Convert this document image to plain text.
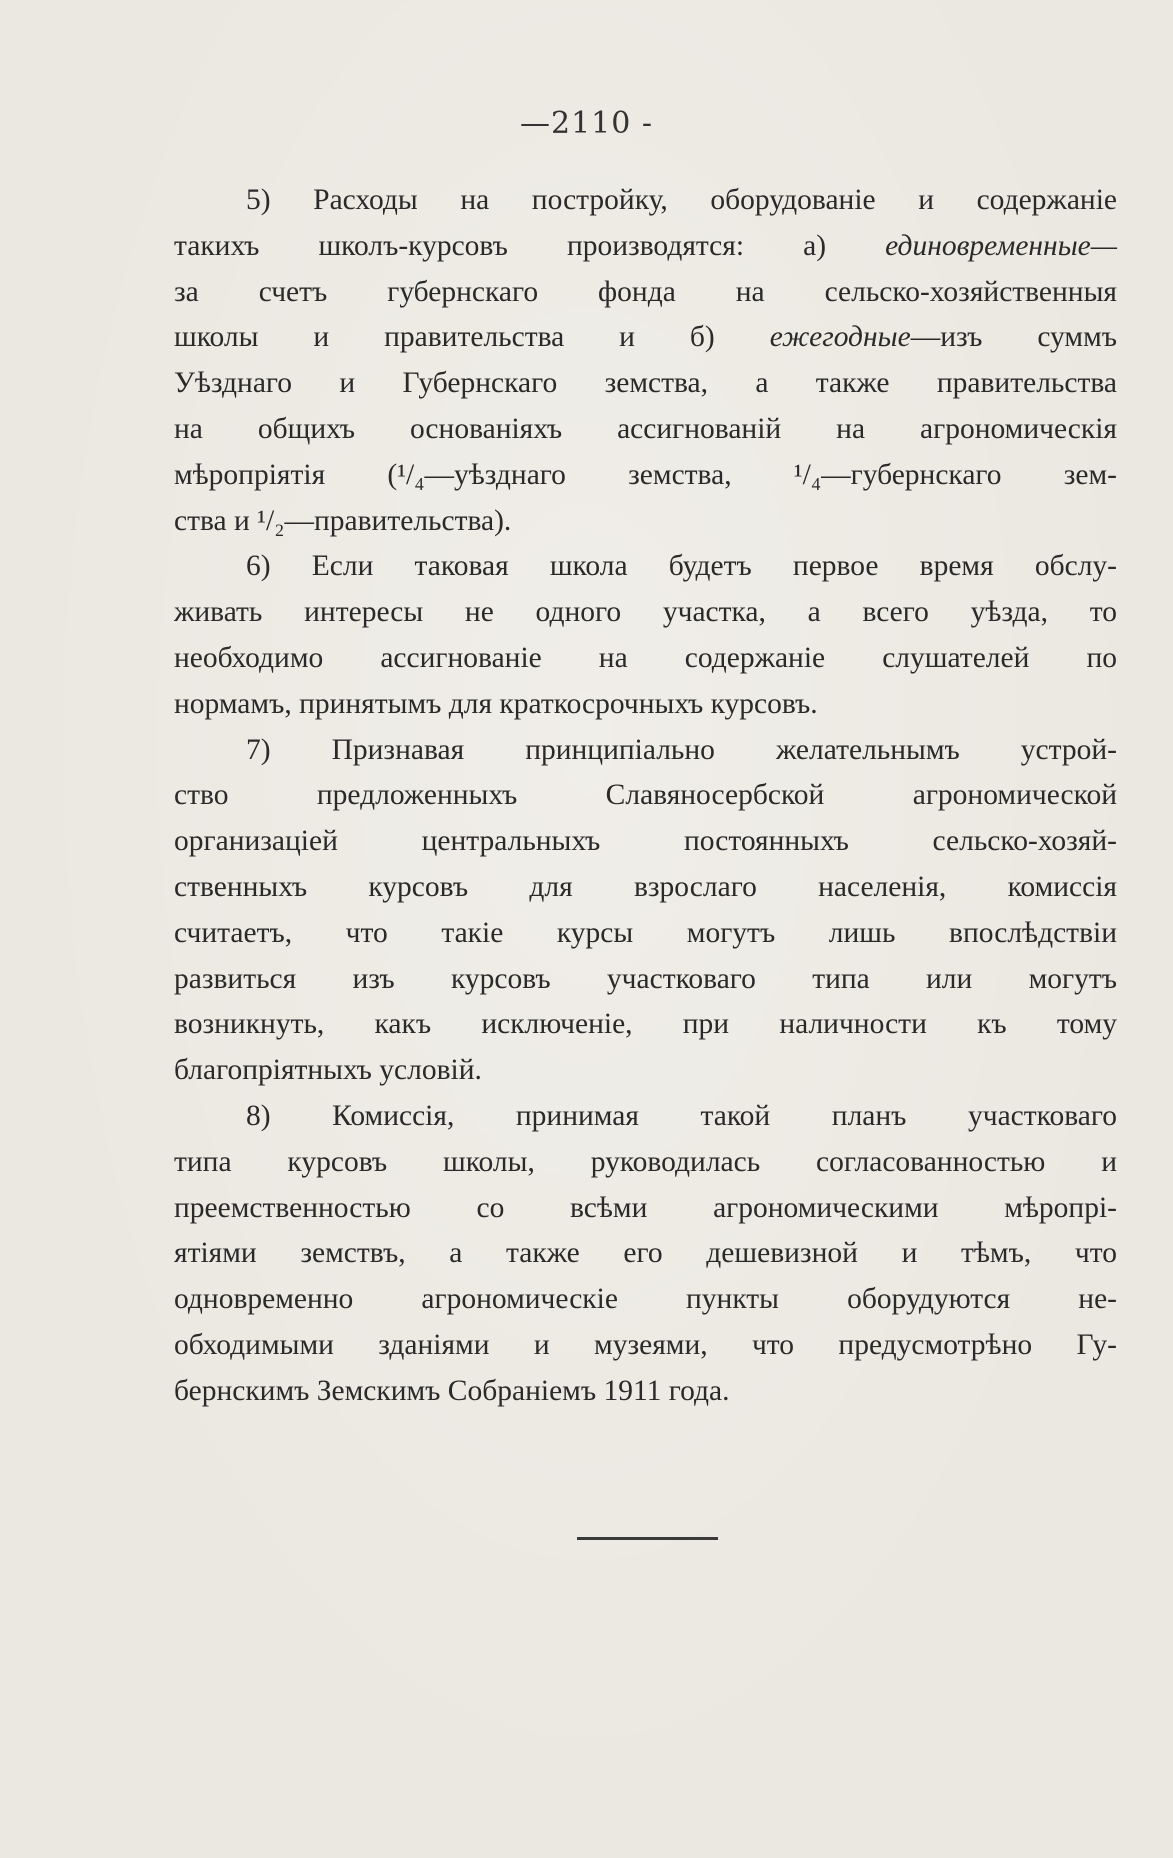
—2110 -

5) Расходы на постройку, оборудованіе и содержаніе
такихъ школъ-курсовъ производятся: а) единовременные—
за счетъ губернскаго фонда на сельско-хозяйственныя
школы и правительства и б) ежегодные—изъ суммъ
Уѣзднаго и Губернскаго земства, а также правительства
на общихъ основаніяхъ ассигнованій на агрономическія
мѣропріятія (¹/₄—уѣзднаго земства, ¹/₄—губернскаго зем-
ства и ¹/₂—правительства).

6) Если таковая школа будетъ первое время обслу-
живать интересы не одного участка, а всего уѣзда, то
необходимо ассигнованіе на содержаніе слушателей по
нормамъ, принятымъ для краткосрочныхъ курсовъ.

7) Признавая принципіально желательнымъ устрой-
ство предложенныхъ Славяносербской агрономической
организаціей центральныхъ постоянныхъ сельско-хозяй-
ственныхъ курсовъ для взрослаго населенія, комиссія
считаетъ, что такіе курсы могутъ лишь впослѣдствіи
развиться изъ курсовъ участковаго типа или могутъ
возникнуть, какъ исключеніе, при наличности къ тому
благопріятныхъ условій.

8) Комиссія, принимая такой планъ участковаго
типа курсовъ школы, руководилась согласованностью и
преемственностью со всѣми агрономическими мѣропрі-
ятіями земствъ, а также его дешевизной и тѣмъ, что
одновременно агрономическіе пункты оборудуются не-
обходимыми зданіями и музеями, что предусмотрѣно Гу-
бернскимъ Земскимъ Собраніемъ 1911 года.
